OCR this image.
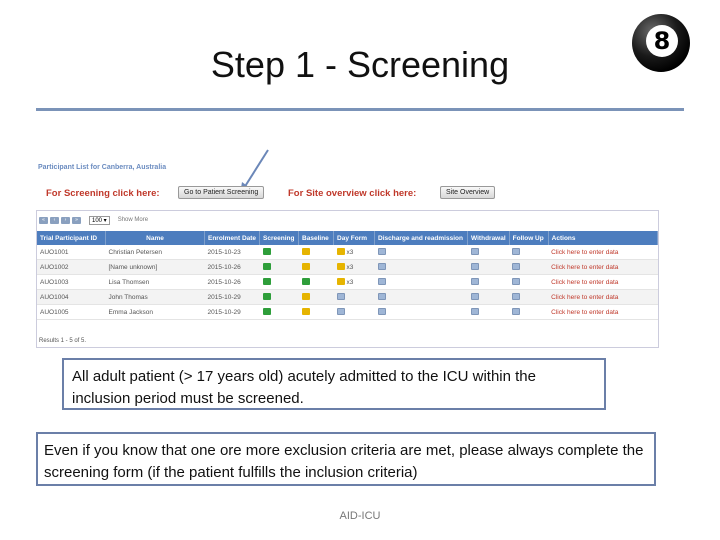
Step 1 - Screening
8
Participant List for Canberra, Australia
For Screening click here:	Go to Patient Screening	For Site overview click here:	Site Overview
«	‹	›	»	100 ▾	Show More
Trial Participant ID	Name	Enrolment Date	Screening	Baseline	Day Form	Discharge and readmission	Withdrawal	Follow Up	Actions
AUO1001	Christian Petersen	2015-10-23			x3				Click here to enter data
AUO1002	[Name unknown]	2015-10-26			x3				Click here to enter data
AUO1003	Lisa Thomsen	2015-10-26			x3				Click here to enter data
AUO1004	John Thomas	2015-10-29							Click here to enter data
AUO1005	Emma Jackson	2015-10-29							Click here to enter data
Results 1 - 5 of 5.
All adult patient (> 17 years old) acutely admitted to the ICU within the inclusion period must be screened.
Even if you know that one ore more exclusion criteria are met, please always complete the screening form (if the patient fulfills the inclusion criteria)
AID-ICU
